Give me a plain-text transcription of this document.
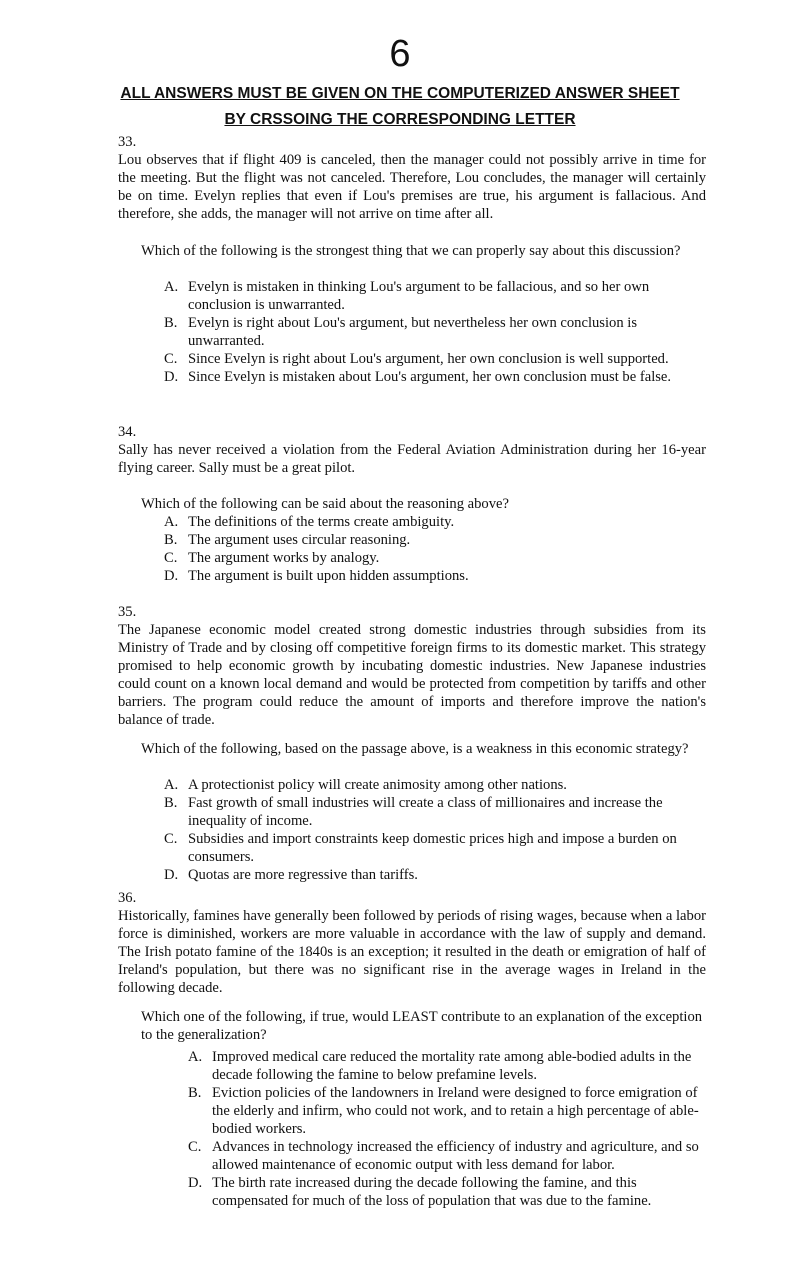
6
ALL ANSWERS MUST BE GIVEN ON THE COMPUTERIZED ANSWER SHEET
BY CRSSOING THE CORRESPONDING LETTER
33.
Lou observes that if flight 409 is canceled, then the manager could not possibly arrive in time for the meeting. But the flight was not canceled. Therefore, Lou concludes, the manager will certainly be on time. Evelyn replies that even if Lou's premises are true, his argument is fallacious. And therefore, she adds, the manager will not arrive on time after all.
Which of the following is the strongest thing that we can properly say about this discussion?
A. Evelyn is mistaken in thinking Lou's argument to be fallacious, and so her own conclusion is unwarranted.
B. Evelyn is right about Lou's argument, but nevertheless her own conclusion is unwarranted.
C. Since Evelyn is right about Lou's argument, her own conclusion is well supported.
D. Since Evelyn is mistaken about Lou's argument, her own conclusion must be false.
34.
Sally has never received a violation from the Federal Aviation Administration during her 16-year flying career. Sally must be a great pilot.
Which of the following can be said about the reasoning above?
A. The definitions of the terms create ambiguity.
B. The argument uses circular reasoning.
C. The argument works by analogy.
D. The argument is built upon hidden assumptions.
35.
The Japanese economic model created strong domestic industries through subsidies from its Ministry of Trade and by closing off competitive foreign firms to its domestic market. This strategy promised to help economic growth by incubating domestic industries. New Japanese industries could count on a known local demand and would be protected from competition by tariffs and other barriers. The program could reduce the amount of imports and therefore improve the nation's balance of trade.
Which of the following, based on the passage above, is a weakness in this economic strategy?
A. A protectionist policy will create animosity among other nations.
B. Fast growth of small industries will create a class of millionaires and increase the inequality of income.
C. Subsidies and import constraints keep domestic prices high and impose a burden on consumers.
D. Quotas are more regressive than tariffs.
36.
Historically, famines have generally been followed by periods of rising wages, because when a labor force is diminished, workers are more valuable in accordance with the law of supply and demand. The Irish potato famine of the 1840s is an exception; it resulted in the death or emigration of half of Ireland's population, but there was no significant rise in the average wages in Ireland in the following decade.
Which one of the following, if true, would LEAST contribute to an explanation of the exception to the generalization?
A. Improved medical care reduced the mortality rate among able-bodied adults in the decade following the famine to below prefamine levels.
B. Eviction policies of the landowners in Ireland were designed to force emigration of the elderly and infirm, who could not work, and to retain a high percentage of able-bodied workers.
C. Advances in technology increased the efficiency of industry and agriculture, and so allowed maintenance of economic output with less demand for labor.
D. The birth rate increased during the decade following the famine, and this compensated for much of the loss of population that was due to the famine.
